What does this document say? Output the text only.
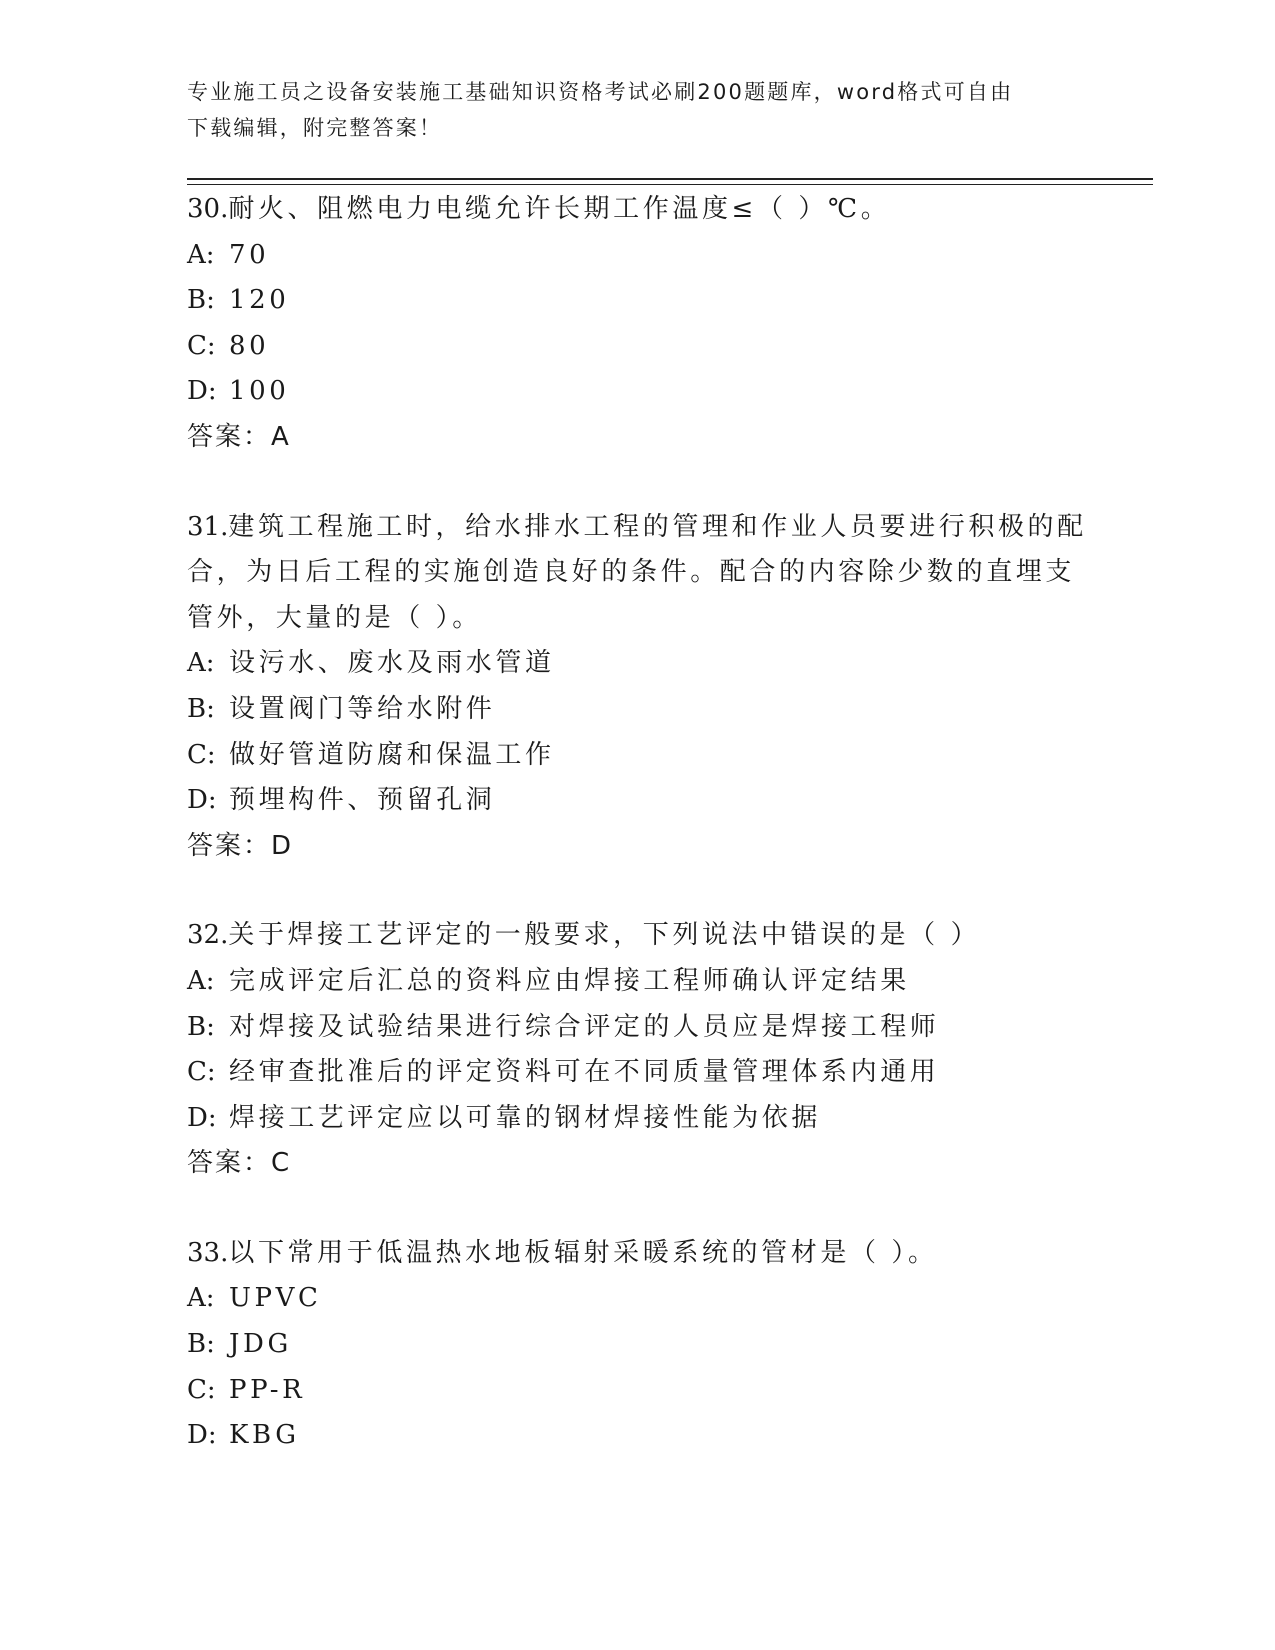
专业施工员之设备安装施工基础知识资格考试必刷200题题库，word格式可自由
下载编辑，附完整答案！
30.耐火、阻燃电力电缆允许长期工作温度≤（ ）℃。
A: 70
B: 120
C: 80
D: 100
答案：A
31.建筑工程施工时，给水排水工程的管理和作业人员要进行积极的配
合，为日后工程的实施创造良好的条件。配合的内容除少数的直埋支
管外，大量的是（ ）。
A: 设污水、废水及雨水管道
B: 设置阀门等给水附件
C: 做好管道防腐和保温工作
D: 预埋构件、预留孔洞
答案：D
32.关于焊接工艺评定的一般要求，下列说法中错误的是（ ）
A: 完成评定后汇总的资料应由焊接工程师确认评定结果
B: 对焊接及试验结果进行综合评定的人员应是焊接工程师
C: 经审查批准后的评定资料可在不同质量管理体系内通用
D: 焊接工艺评定应以可靠的钢材焊接性能为依据
答案：C
33.以下常用于低温热水地板辐射采暖系统的管材是（ ）。
A: UPVC
B: JDG
C: PP-R
D: KBG
